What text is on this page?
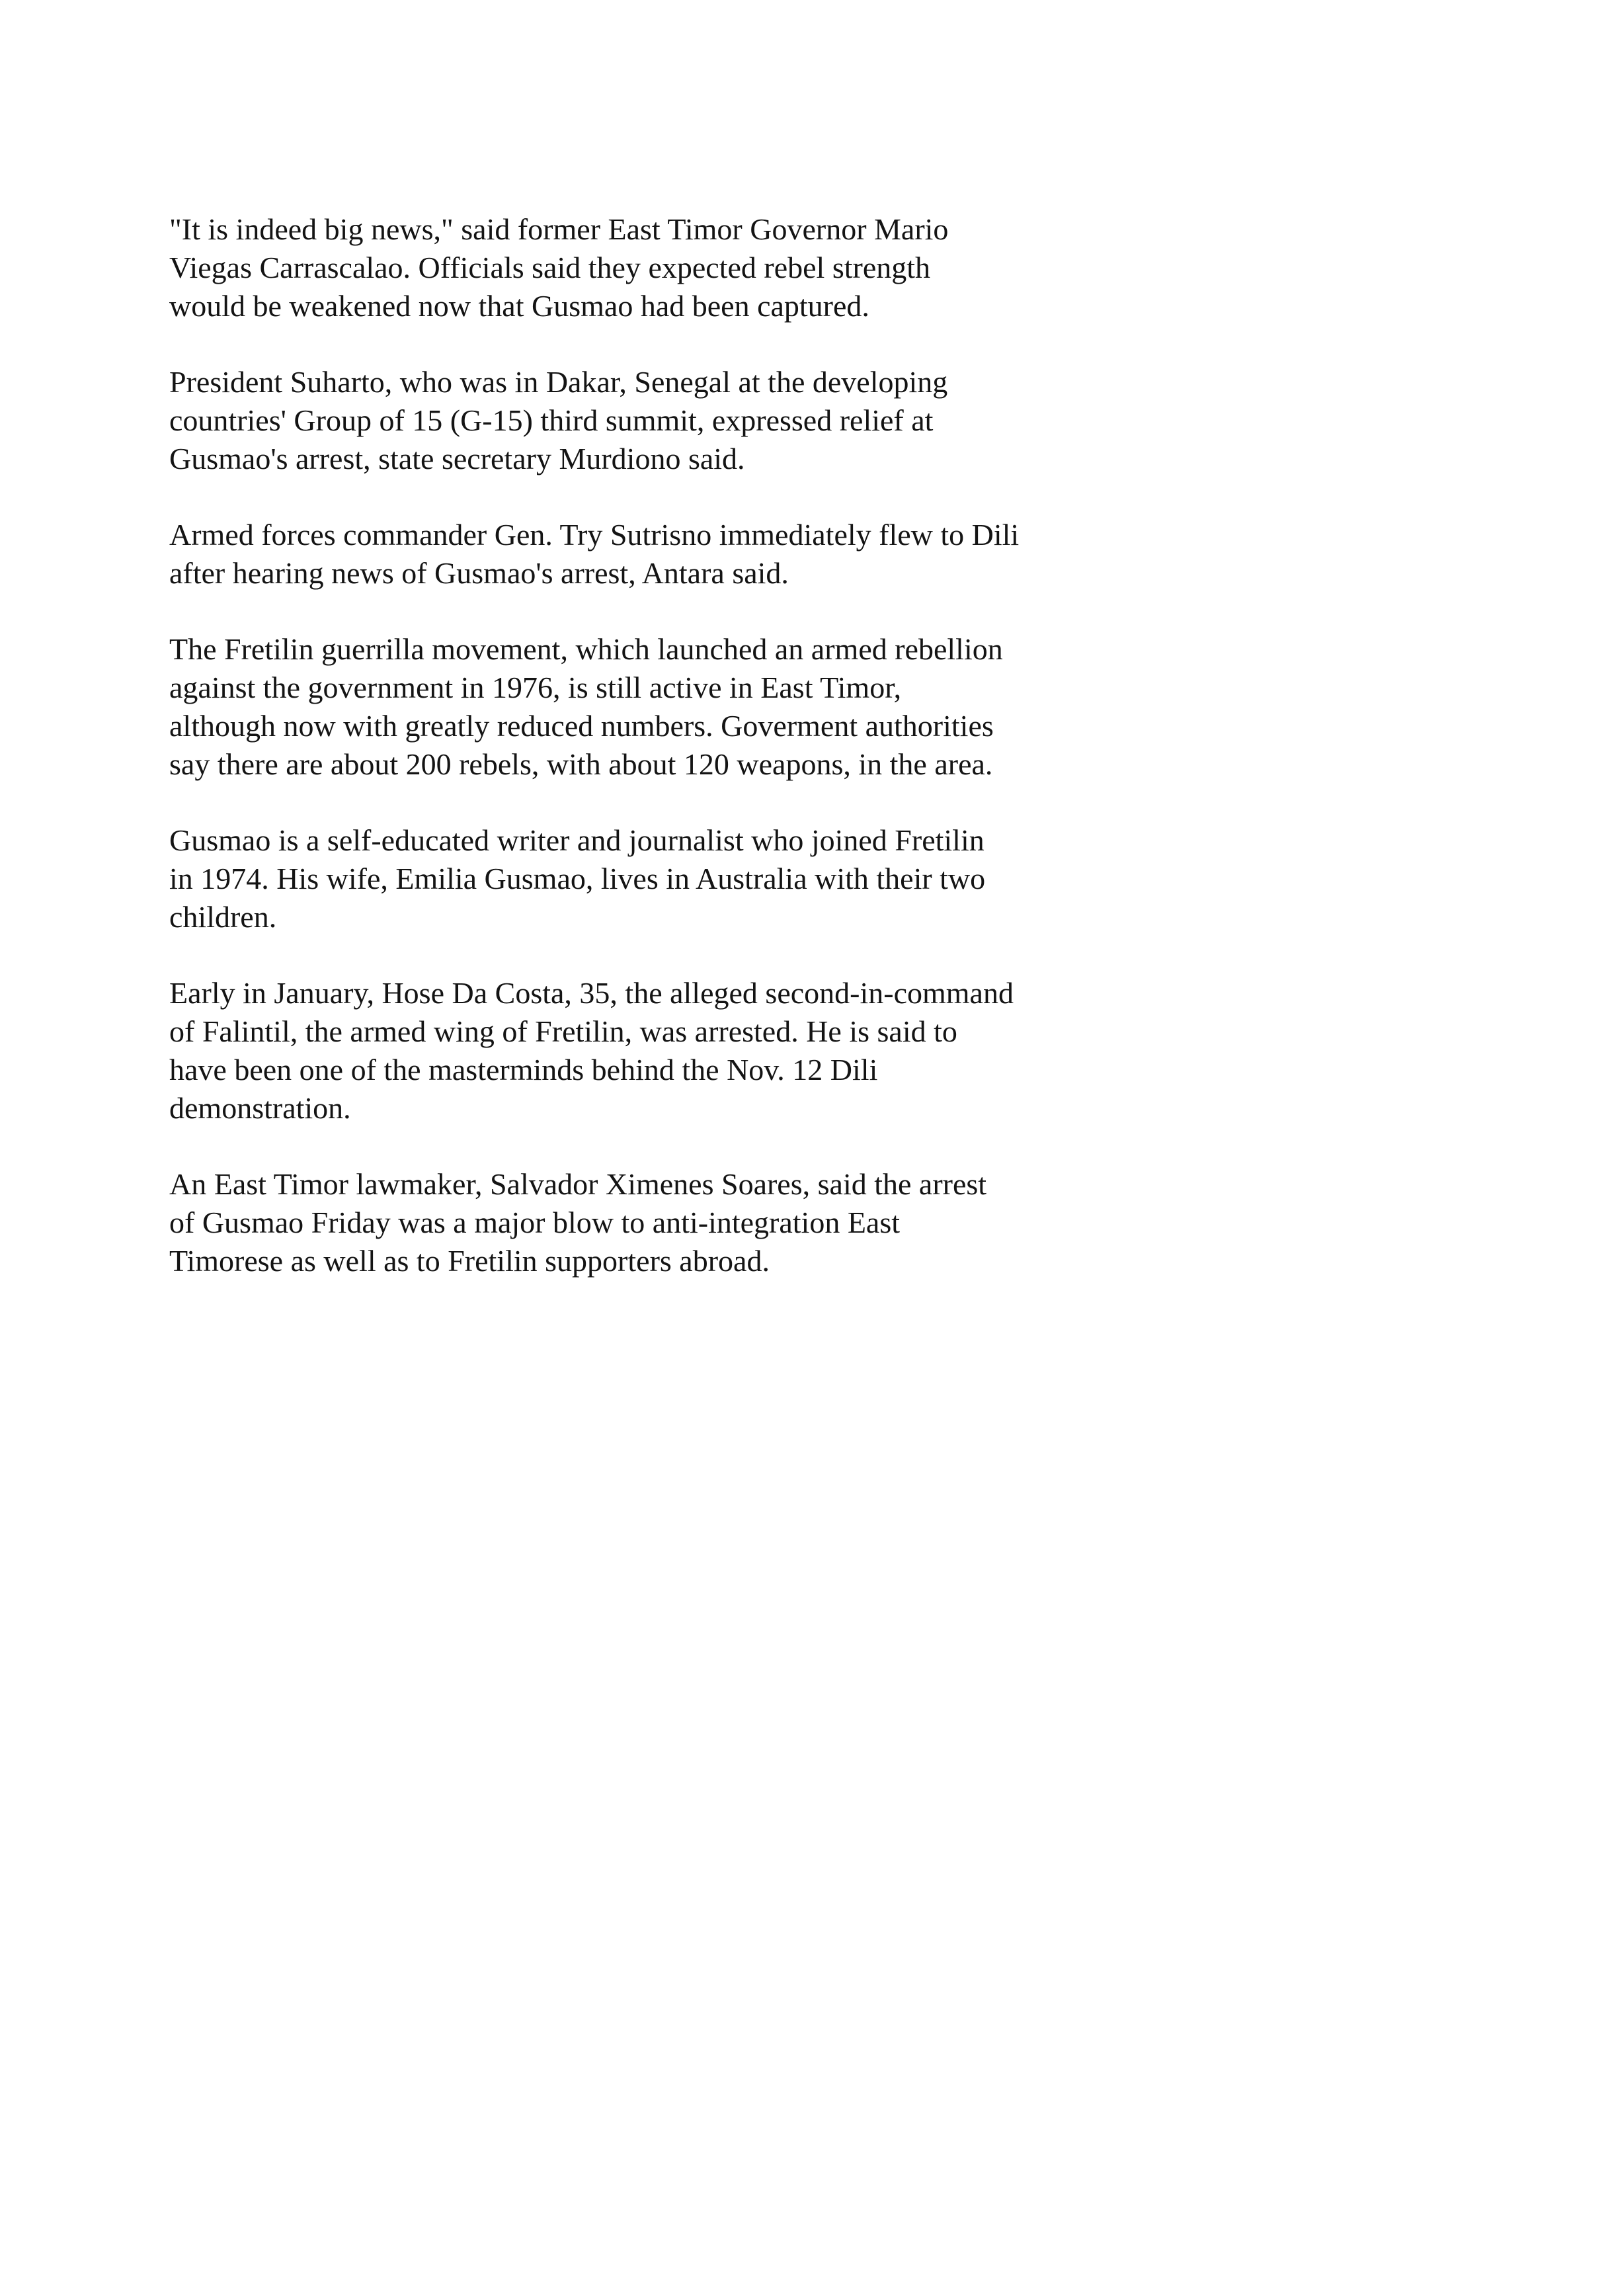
"It is indeed big news," said former East Timor Governor Mario
Viegas Carrascalao. Officials said they expected rebel strength
would be weakened now that Gusmao had been captured.

President Suharto, who was in Dakar, Senegal at the developing
countries' Group of 15 (G-15) third summit, expressed relief at
Gusmao's arrest, state secretary Murdiono said.

Armed forces commander Gen. Try Sutrisno immediately flew to Dili
after hearing news of Gusmao's arrest, Antara said.

The Fretilin guerrilla movement, which launched an armed rebellion
against the government in 1976, is still active in East Timor,
although now with greatly reduced numbers. Goverment authorities
say there are about 200 rebels, with about 120 weapons, in the area.

Gusmao is a self-educated writer and journalist who joined Fretilin
in 1974. His wife, Emilia Gusmao, lives in Australia with their two
children.

Early in January, Hose Da Costa, 35, the alleged second-in-command
of Falintil, the armed wing of Fretilin, was arrested. He is said to
have been one of the masterminds behind the Nov. 12 Dili
demonstration.

An East Timor lawmaker, Salvador Ximenes Soares, said the arrest
of Gusmao Friday was a major blow to anti-integration East
Timorese as well as to Fretilin supporters abroad.
